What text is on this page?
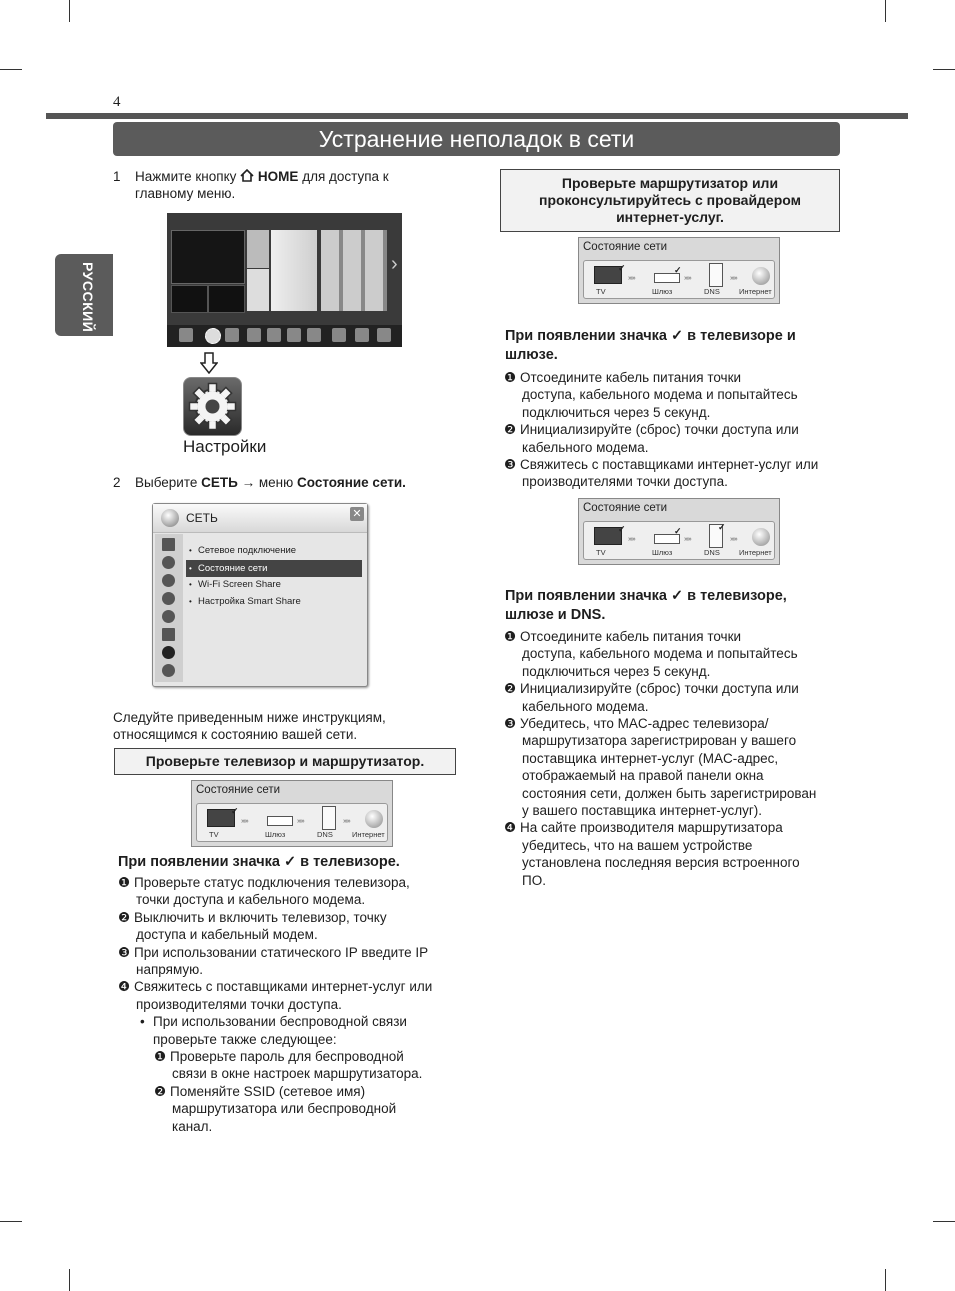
4
Устранение неполадок в сети
РУССКИЙ
1 Нажмите кнопку HOME для доступа к
главному меню.
›
Настройки
2 Выберите СЕТЬ → меню Состояние сети.
СЕТЬ	✕
• Сетевое подключение
• Состояние сети
• Wi-Fi Screen Share
• Настройка Smart Share
Следуйте приведенным ниже инструкциям,
относящимся к состоянию вашей сети.
Проверьте телевизор и маршрутизатор.
Состояние сети
›››››	›››››	›››››
TV	Шлюз	DNS	Интернет
✓
При появлении значка ✓ в телевизоре.
❶ Проверьте статус подключения телевизора,
точки доступа и кабельного модема.
❷ Выключить и включить телевизор, точку
доступа и кабельный модем.
❸ При использовании статического IP введите IP
напрямую.
❹ Свяжитесь с поставщиками интернет-услуг или
производителями точки доступа.
• При использовании беспроводной связи
проверьте также следующее:
❶ Проверьте пароль для беспроводной
связи в окне настроек маршрутизатора.
❷ Поменяйте SSID (сетевое имя)
маршрутизатора или беспроводной
канал.
Проверьте маршрутизатор или
проконсультируйтесь с провайдером
интернет-услуг.
Состояние сети
›››››	›››››	›››››
TV	Шлюз	DNS	Интернет
✓	✓
При появлении значка ✓ в телевизоре и
шлюзе.
❶ Отсоедините кабель питания точки
доступа, кабельного модема и попытайтесь
подключиться через 5 секунд.
❷ Инициализируйте (сброс) точки доступа или
кабельного модема.
❸ Свяжитесь с поставщиками интернет-услуг или
производителями точки доступа.
Состояние сети
›››››	›››››	›››››
TV	Шлюз	DNS	Интернет
✓	✓	✓
При появлении значка ✓ в телевизоре,
шлюзе и DNS.
❶ Отсоедините кабель питания точки
доступа, кабельного модема и попытайтесь
подключиться через 5 секунд.
❷ Инициализируйте (сброс) точки доступа или
кабельного модема.
❸ Убедитесь, что MAC-адрес телевизора/
маршрутизатора зарегистрирован у вашего
поставщика интернет-услуг (MAC-адрес,
отображаемый на правой панели окна
состояния сети, должен быть зарегистрирован
у вашего поставщика интернет-услуг).
❹ На сайте производителя маршрутизатора
убедитесь, что на вашем устройстве
установлена последняя версия встроенного
ПО.
